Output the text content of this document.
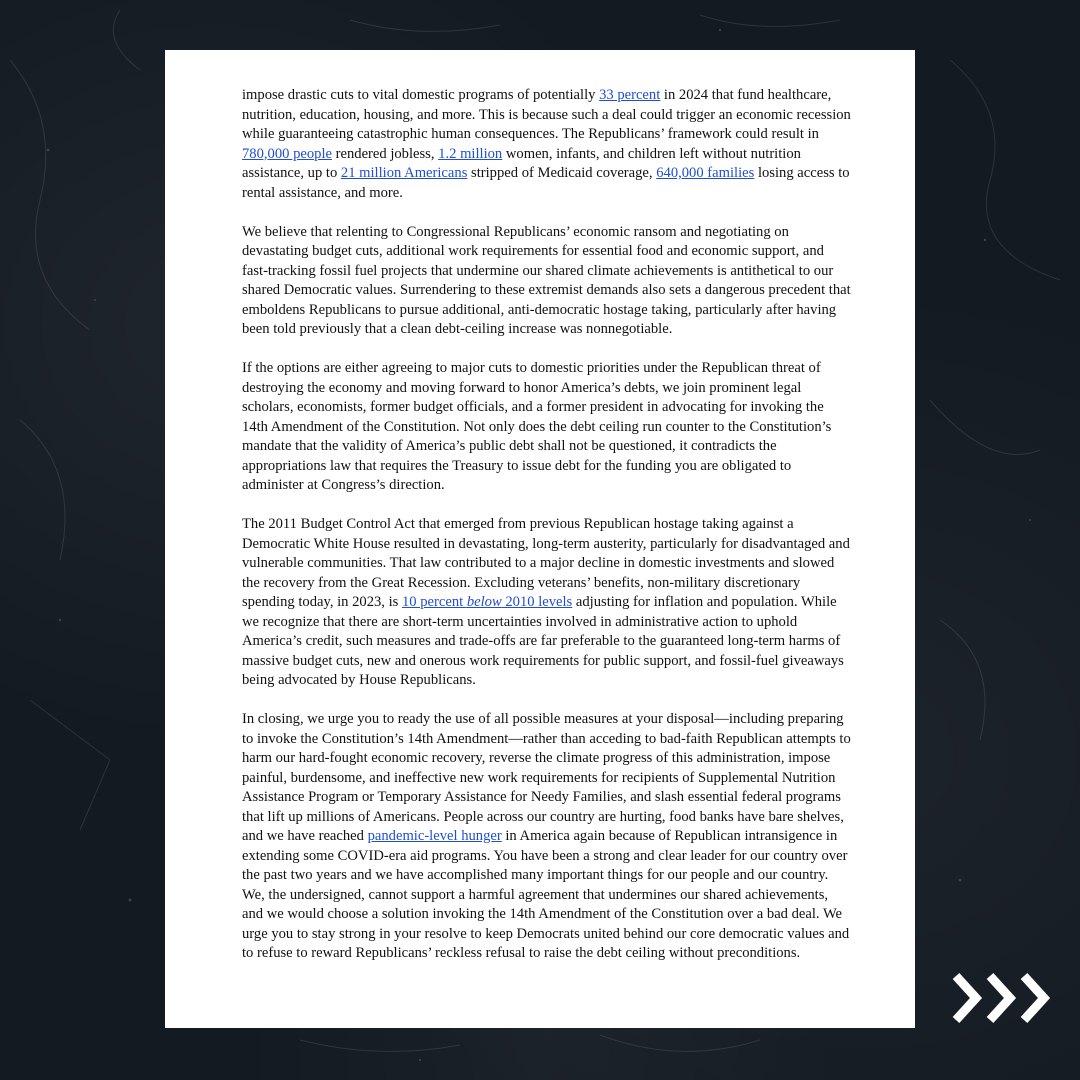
impose drastic cuts to vital domestic programs of potentially 33 percent in 2024 that fund healthcare, nutrition, education, housing, and more. This is because such a deal could trigger an economic recession while guaranteeing catastrophic human consequences. The Republicans’ framework could result in 780,000 people rendered jobless, 1.2 million women, infants, and children left without nutrition assistance, up to 21 million Americans stripped of Medicaid coverage, 640,000 families losing access to rental assistance, and more.

We believe that relenting to Congressional Republicans’ economic ransom and negotiating on devastating budget cuts, additional work requirements for essential food and economic support, and fast-tracking fossil fuel projects that undermine our shared climate achievements is antithetical to our shared Democratic values. Surrendering to these extremist demands also sets a dangerous precedent that emboldens Republicans to pursue additional, anti-democratic hostage taking, particularly after having been told previously that a clean debt-ceiling increase was nonnegotiable.

If the options are either agreeing to major cuts to domestic priorities under the Republican threat of destroying the economy and moving forward to honor America’s debts, we join prominent legal scholars, economists, former budget officials, and a former president in advocating for invoking the 14th Amendment of the Constitution. Not only does the debt ceiling run counter to the Constitution’s mandate that the validity of America’s public debt shall not be questioned, it contradicts the appropriations law that requires the Treasury to issue debt for the funding you are obligated to administer at Congress’s direction.

The 2011 Budget Control Act that emerged from previous Republican hostage taking against a Democratic White House resulted in devastating, long-term austerity, particularly for disadvantaged and vulnerable communities. That law contributed to a major decline in domestic investments and slowed the recovery from the Great Recession. Excluding veterans’ benefits, non-military discretionary spending today, in 2023, is 10 percent below 2010 levels adjusting for inflation and population. While we recognize that there are short-term uncertainties involved in administrative action to uphold America’s credit, such measures and trade-offs are far preferable to the guaranteed long-term harms of massive budget cuts, new and onerous work requirements for public support, and fossil-fuel giveaways being advocated by House Republicans.

In closing, we urge you to ready the use of all possible measures at your disposal—including preparing to invoke the Constitution’s 14th Amendment—rather than acceding to bad-faith Republican attempts to harm our hard-fought economic recovery, reverse the climate progress of this administration, impose painful, burdensome, and ineffective new work requirements for recipients of Supplemental Nutrition Assistance Program or Temporary Assistance for Needy Families, and slash essential federal programs that lift up millions of Americans. People across our country are hurting, food banks have bare shelves, and we have reached pandemic-level hunger in America again because of Republican intransigence in extending some COVID-era aid programs. You have been a strong and clear leader for our country over the past two years and we have accomplished many important things for our people and our country. We, the undersigned, cannot support a harmful agreement that undermines our shared achievements, and we would choose a solution invoking the 14th Amendment of the Constitution over a bad deal. We urge you to stay strong in your resolve to keep Democrats united behind our core democratic values and to refuse to reward Republicans’ reckless refusal to raise the debt ceiling without preconditions.
